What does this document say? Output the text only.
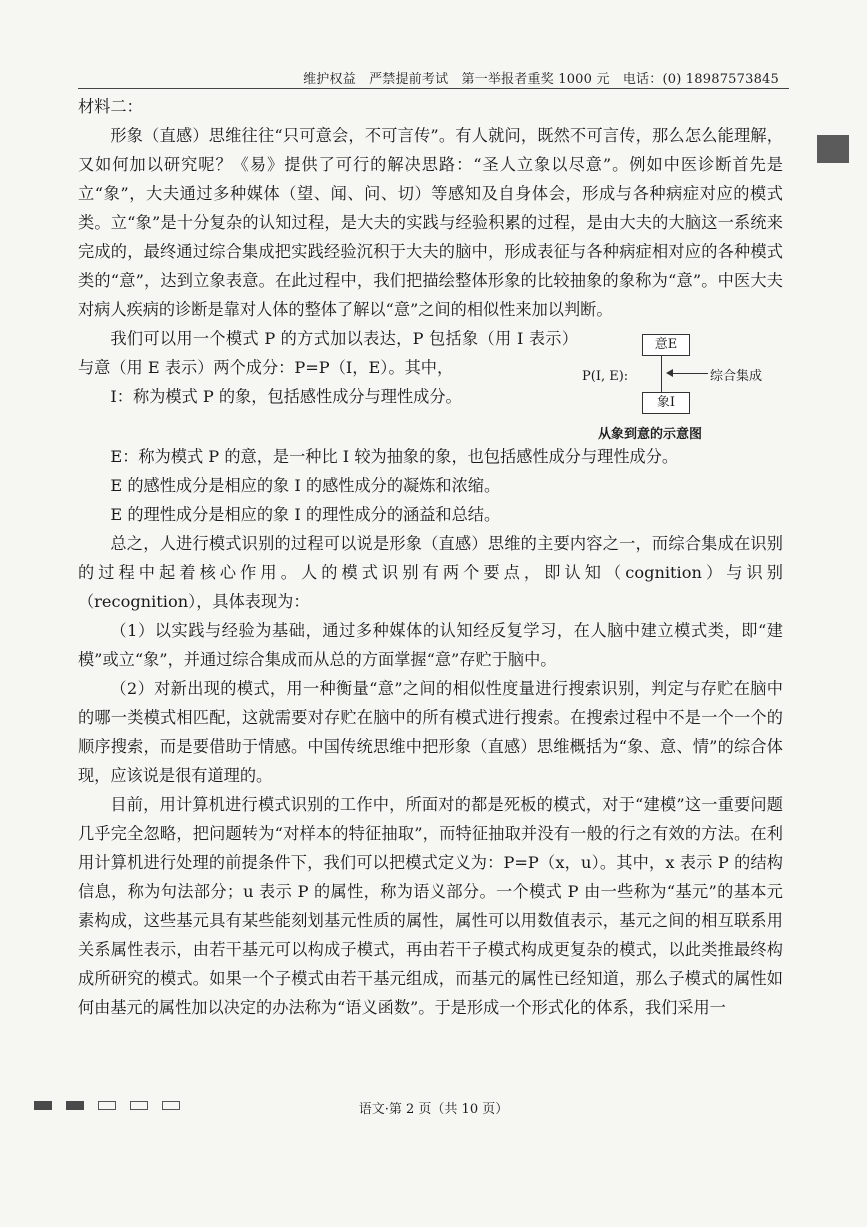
维护权益　严禁提前考试　第一举报者重奖 1000 元　电话：(0) 18987573845

材料二：

形象（直感）思维往往“只可意会，不可言传”。有人就问，既然不可言传，那么怎么能理解，又如何加以研究呢？《易》提供了可行的解决思路：“圣人立象以尽意”。例如中医诊断首先是立“象”，大夫通过多种媒体（望、闻、问、切）等感知及自身体会，形成与各种病症对应的模式类。立“象”是十分复杂的认知过程，是大夫的实践与经验积累的过程，是由大夫的大脑这一系统来完成的，最终通过综合集成把实践经验沉积于大夫的脑中，形成表征与各种病症相对应的各种模式类的“意”，达到立象表意。在此过程中，我们把描绘整体形象的比较抽象的象称为“意”。中医大夫对病人疾病的诊断是靠对人体的整体了解以“意”之间的相似性来加以判断。

我们可以用一个模式 P 的方式加以表达，P 包括象（用 I 表示）与意（用 E 表示）两个成分：P=P（I，E）。其中，

I：称为模式 P 的象，包括感性成分与理性成分。

意E
象I
P(I, E):	综合集成
从象到意的示意图

E：称为模式 P 的意，是一种比 I 较为抽象的象，也包括感性成分与理性成分。

E 的感性成分是相应的象 I 的感性成分的凝炼和浓缩。

E 的理性成分是相应的象 I 的理性成分的涵益和总结。

总之，人进行模式识别的过程可以说是形象（直感）思维的主要内容之一，而综合集成在识别的过程中起着核心作用。人的模式识别有两个要点，即认知（cognition）与识别（recognition），具体表现为：

（1）以实践与经验为基础，通过多种媒体的认知经反复学习，在人脑中建立模式类，即“建模”或立“象”，并通过综合集成而从总的方面掌握“意”存贮于脑中。

（2）对新出现的模式，用一种衡量“意”之间的相似性度量进行搜索识别，判定与存贮在脑中的哪一类模式相匹配，这就需要对存贮在脑中的所有模式进行搜索。在搜索过程中不是一个一个的顺序搜索，而是要借助于情感。中国传统思维中把形象（直感）思维概括为“象、意、情”的综合体现，应该说是很有道理的。

目前，用计算机进行模式识别的工作中，所面对的都是死板的模式，对于“建模”这一重要问题几乎完全忽略，把问题转为“对样本的特征抽取”，而特征抽取并没有一般的行之有效的方法。在利用计算机进行处理的前提条件下，我们可以把模式定义为：P=P（x，u）。其中，x 表示 P 的结构信息，称为句法部分；u 表示 P 的属性，称为语义部分。一个模式 P 由一些称为“基元”的基本元素构成，这些基元具有某些能刻划基元性质的属性，属性可以用数值表示，基元之间的相互联系用关系属性表示，由若干基元可以构成子模式，再由若干子模式构成更复杂的模式，以此类推最终构成所研究的模式。如果一个子模式由若干基元组成，而基元的属性已经知道，那么子模式的属性如何由基元的属性加以决定的办法称为“语义函数”。于是形成一个形式化的体系，我们采用一

语文·第 2 页（共 10 页）
